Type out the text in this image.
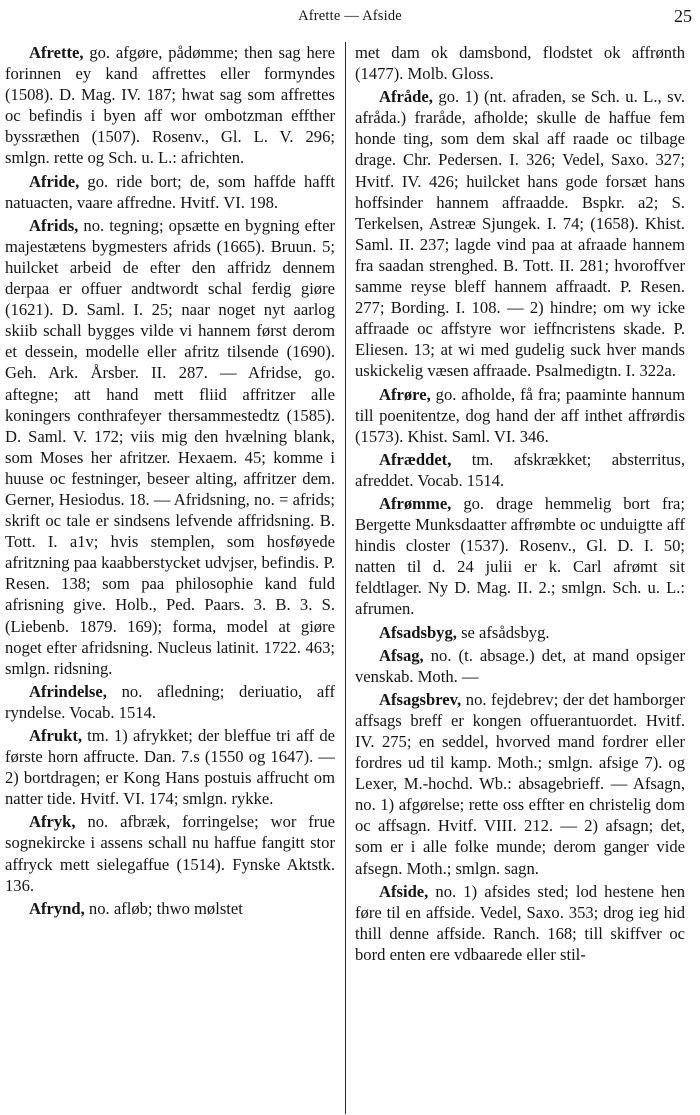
Afrette — Afside	25

Afrette, go. afgøre, pådømme; then sag here forinnen ey kand affrettes eller formyndes (1508). D. Mag. IV. 187; hwat sag som affrettes oc befindis i byen aff wor ombotzman effther byssræthen (1507). Rosenv., Gl. L. V. 296; smlgn. rette og Sch. u. L.: africhten.

Afride, go. ride bort; de, som haffde hafft natuacten, vaare affredne. Hvitf. VI. 198.

Afrids, no. tegning; opsætte en bygning efter majestætens bygmesters afrids (1665). Bruun. 5; huilcket arbeid de efter den affridz dennem derpaa er offuer andtwordt schal ferdig giøre (1621). D. Saml. I. 25; naar noget nyt aarlog skiib schall bygges vilde vi hannem først derom et dessein, modelle eller afritz tilsende (1690). Geh. Ark. Årsber. II. 287. — Afridse, go. aftegne; att hand mett fliid affritzer alle koningers conthrafeyer thersammestedtz (1585). D. Saml. V. 172; viis mig den hvælning blank, som Moses her afritzer. Hexaem. 45; komme i huuse oc festninger, beseer alting, affritzer dem. Gerner, Hesiodus. 18. — Afridsning, no. = afrids; skrift oc tale er sindsens lefvende affridsning. B. Tott. I. a1v; hvis stemplen, som hosføyede afritzning paa kaabberstycket udvjser, befindis. P. Resen. 138; som paa philosophie kand fuld afrisning give. Holb., Ped. Paars. 3. B. 3. S. (Liebenb. 1879. 169); forma, model at giøre noget efter afridsning. Nucleus latinit. 1722. 463; smlgn. ridsning.

Afrindelse, no. afledning; deriuatio, aff ryndelse. Vocab. 1514.

Afrukt, tm. 1) afrykket; der bleffue tri aff de første horn affructe. Dan. 7.s (1550 og 1647). — 2) bortdragen; er Kong Hans postuis affrucht om natter tide. Hvitf. VI. 174; smlgn. rykke.

Afryk, no. afbræk, forringelse; wor frue sognekircke i assens schall nu haffue fangitt stor affryck mett sielegaffue (1514). Fynske Aktstk. 136.

Afrynd, no. afløb; thwo mølstet

met dam ok damsbond, flodstet ok affrønth (1477). Molb. Gloss.

Afråde, go. 1) (nt. afraden, se Sch. u. L., sv. afråda.) fraråde, afholde; skulle de haffue fem honde ting, som dem skal aff raade oc tilbage drage. Chr. Pedersen. I. 326; Vedel, Saxo. 327; Hvitf. IV. 426; huilcket hans gode forsæt hans hoffsinder hannem affraadde. Bspkr. a2; S. Terkelsen, Astreæ Sjungek. I. 74; (1658). Khist. Saml. II. 237; lagde vind paa at afraade hannem fra saadan strenghed. B. Tott. II. 281; hvoroffver samme reyse bleff hannem affraadt. P. Resen. 277; Bording. I. 108. — 2) hindre; om wy icke affraade oc affstyre wor ieffncristens skade. P. Eliesen. 13; at wi med gudelig suck hver mands uskickelig væsen affraade. Psalmedigtn. I. 322a.

Afrøre, go. afholde, få fra; paaminte hannum till poenitentze, dog hand der aff inthet affrørdis (1573). Khist. Saml. VI. 346.

Afræddet, tm. afskrækket; absterritus, afreddet. Vocab. 1514.

Afrømme, go. drage hemmelig bort fra; Bergette Munksdaatter affrømbte oc unduigtte aff hindis closter (1537). Rosenv., Gl. D. I. 50; natten til d. 24 julii er k. Carl afrømt sit feldtlager. Ny D. Mag. II. 2.; smlgn. Sch. u. L.: afrumen.

Afsadsbyg, se afsådsbyg.

Afsag, no. (t. absage.) det, at mand opsiger venskab. Moth. —

Afsagsbrev, no. fejdebrev; der det hamborger affsags breff er kongen offuerantuordet. Hvitf. IV. 275; en seddel, hvorved mand fordrer eller fordres ud til kamp. Moth.; smlgn. afsige 7). og Lexer, M.-hochd. Wb.: absagebrieff. — Afsagn, no. 1) afgørelse; rette oss effter en christelig dom oc affsagn. Hvitf. VIII. 212. — 2) afsagn; det, som er i alle folke munde; derom ganger vide afsegn. Moth.; smlgn. sagn.

Afside, no. 1) afsides sted; lod hestene hen føre til en affside. Vedel, Saxo. 353; drog ieg hid thill denne affside. Ranch. 168; till skiffver oc bord enten ere vdbaarede eller stil-
